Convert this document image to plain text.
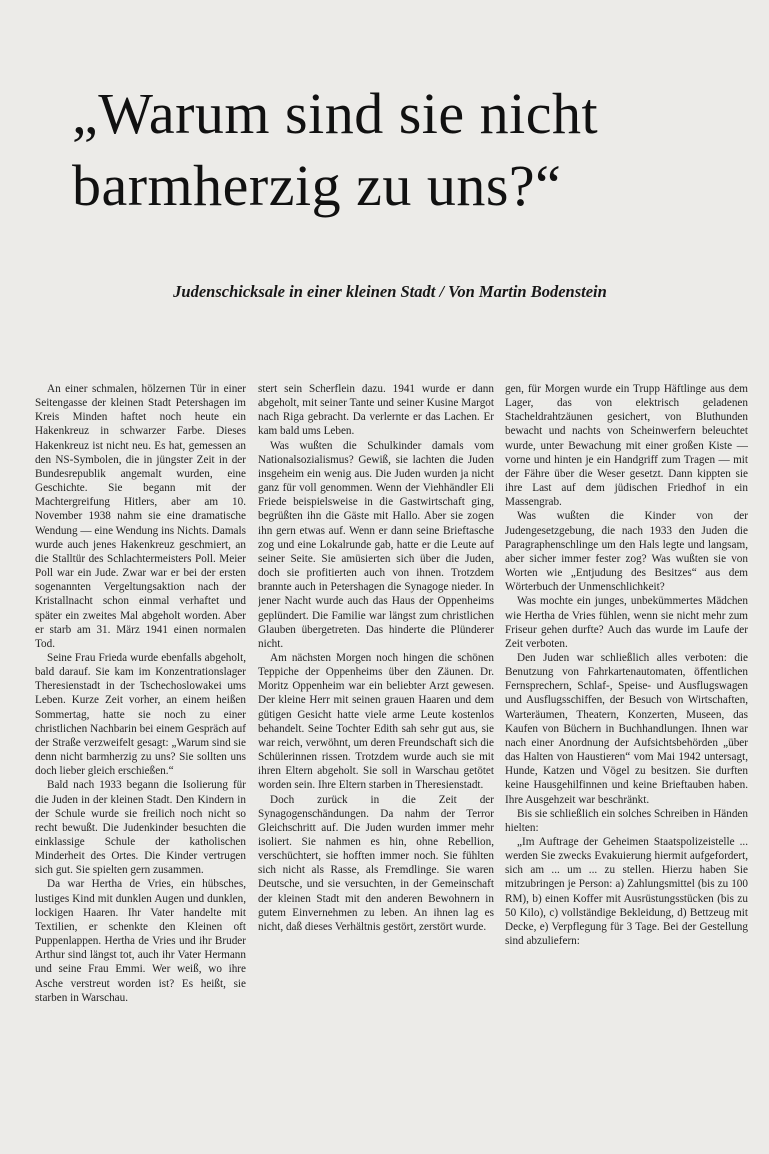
„Warum sind sie nicht
barmherzig zu uns?“
Judenschicksale in einer kleinen Stadt / Von Martin Bodenstein

An einer schmalen, hölzernen Tür in einer Seitengasse der kleinen Stadt Petershagen im Kreis Minden haftet noch heute ein Hakenkreuz in schwarzer Farbe. Dieses Hakenkreuz ist nicht neu. Es hat, gemessen an den NS-Symbolen, die in jüngster Zeit in der Bundesrepublik angemalt wurden, eine Geschichte. Sie begann mit der Machtergreifung Hitlers, aber am 10. November 1938 nahm sie eine dramatische Wendung — eine Wendung ins Nichts. Damals wurde auch jenes Hakenkreuz geschmiert, an die Stalltür des Schlachtermeisters Poll. Meier Poll war ein Jude. Zwar war er bei der ersten sogenannten Vergeltungsaktion nach der Kristallnacht schon einmal verhaftet und später ein zweites Mal abgeholt worden. Aber er starb am 31. März 1941 einen normalen Tod.

Seine Frau Frieda wurde ebenfalls abgeholt, bald darauf. Sie kam im Konzentrationslager Theresienstadt in der Tschechoslowakei ums Leben. Kurze Zeit vorher, an einem heißen Sommertag, hatte sie noch zu einer christlichen Nachbarin bei einem Gespräch auf der Straße verzweifelt gesagt: „Warum sind sie denn nicht barmherzig zu uns? Sie sollten uns doch lieber gleich erschießen.“

Bald nach 1933 begann die Isolierung für die Juden in der kleinen Stadt. Den Kindern in der Schule wurde sie freilich noch nicht so recht bewußt. Die Judenkinder besuchten die einklassige Schule der katholischen Minderheit des Ortes. Die Kinder vertrugen sich gut. Sie spielten gern zusammen.

Da war Hertha de Vries, ein hübsches, lustiges Kind mit dunklen Augen und dunklen, lockigen Haaren. Ihr Vater handelte mit Textilien, er schenkte den Kleinen oft Puppenlappen. Hertha de Vries und ihr Bruder Arthur sind längst tot, auch ihr Vater Hermann und seine Frau Emmi. Wer weiß, wo ihre Asche verstreut worden ist? Es heißt, sie starben in Warschau.

stert sein Scherflein dazu. 1941 wurde er dann abgeholt, mit seiner Tante und seiner Kusine Margot nach Riga gebracht. Da verlernte er das Lachen. Er kam bald ums Leben.

Was wußten die Schulkinder damals vom Nationalsozialismus? Gewiß, sie lachten die Juden insgeheim ein wenig aus. Die Juden wurden ja nicht ganz für voll genommen. Wenn der Viehhändler Eli Friede beispielsweise in die Gastwirtschaft ging, begrüßten ihn die Gäste mit Hallo. Aber sie zogen ihn gern etwas auf. Wenn er dann seine Brieftasche zog und eine Lokalrunde gab, hatte er die Leute auf seiner Seite. Sie amüsierten sich über die Juden, doch sie profitierten auch von ihnen. Trotzdem brannte auch in Petershagen die Synagoge nieder. In jener Nacht wurde auch das Haus der Oppenheims geplündert. Die Familie war längst zum christlichen Glauben übergetreten. Das hinderte die Plünderer nicht.

Am nächsten Morgen noch hingen die schönen Teppiche der Oppenheims über den Zäunen. Dr. Moritz Oppenheim war ein beliebter Arzt gewesen. Der kleine Herr mit seinen grauen Haaren und dem gütigen Gesicht hatte viele arme Leute kostenlos behandelt. Seine Tochter Edith sah sehr gut aus, sie war reich, verwöhnt, um deren Freundschaft sich die Schülerinnen rissen. Trotzdem wurde auch sie mit ihren Eltern abgeholt. Sie soll in Warschau getötet worden sein. Ihre Eltern starben in Theresienstadt.

Doch zurück in die Zeit der Synagogenschändungen. Da nahm der Terror Gleichschritt auf. Die Juden wurden immer mehr isoliert. Sie nahmen es hin, ohne Rebellion, verschüchtert, sie hofften immer noch. Sie fühlten sich nicht als Rasse, als Fremdlinge. Sie waren Deutsche, und sie versuchten, in der Gemeinschaft der kleinen Stadt mit den anderen Bewohnern in gutem Einvernehmen zu leben. An ihnen lag es nicht, daß dieses Verhältnis gestört, zerstört wurde.

gen, für Morgen wurde ein Trupp Häftlinge aus dem Lager, das von elektrisch geladenen Stacheldrahtzäunen gesichert, von Bluthunden bewacht und nachts von Scheinwerfern beleuchtet wurde, unter Bewachung mit einer großen Kiste — vorne und hinten je ein Handgriff zum Tragen — mit der Fähre über die Weser gesetzt. Dann kippten sie ihre Last auf dem jüdischen Friedhof in ein Massengrab.

Was wußten die Kinder von der Judengesetzgebung, die nach 1933 den Juden die Paragraphenschlinge um den Hals legte und langsam, aber sicher immer fester zog? Was wußten sie von Worten wie „Entjudung des Besitzes“ aus dem Wörterbuch der Unmenschlichkeit?

Was mochte ein junges, unbekümmertes Mädchen wie Hertha de Vries fühlen, wenn sie nicht mehr zum Friseur gehen durfte? Auch das wurde im Laufe der Zeit verboten.

Den Juden war schließlich alles verboten: die Benutzung von Fahrkartenautomaten, öffentlichen Fernsprechern, Schlaf-, Speise- und Ausflugswagen und Ausflugsschiffen, der Besuch von Wirtschaften, Warteräumen, Theatern, Konzerten, Museen, das Kaufen von Büchern in Buchhandlungen. Ihnen war nach einer Anordnung der Aufsichtsbehörden „über das Halten von Haustieren“ vom Mai 1942 untersagt, Hunde, Katzen und Vögel zu besitzen. Sie durften keine Hausgehilfinnen und keine Brieftauben haben. Ihre Ausgehzeit war beschränkt.

Bis sie schließlich ein solches Schreiben in Händen hielten:

„Im Auftrage der Geheimen Staatspolizeistelle ... werden Sie zwecks Evakuierung hiermit aufgefordert, sich am ... um ... zu stellen. Hierzu haben Sie mitzubringen je Person: a) Zahlungsmittel (bis zu 100 RM), b) einen Koffer mit Ausrüstungsstücken (bis zu 50 Kilo), c) vollständige Bekleidung, d) Bettzeug mit Decke, e) Verpflegung für 3 Tage. Bei der Gestellung sind abzuliefern:
